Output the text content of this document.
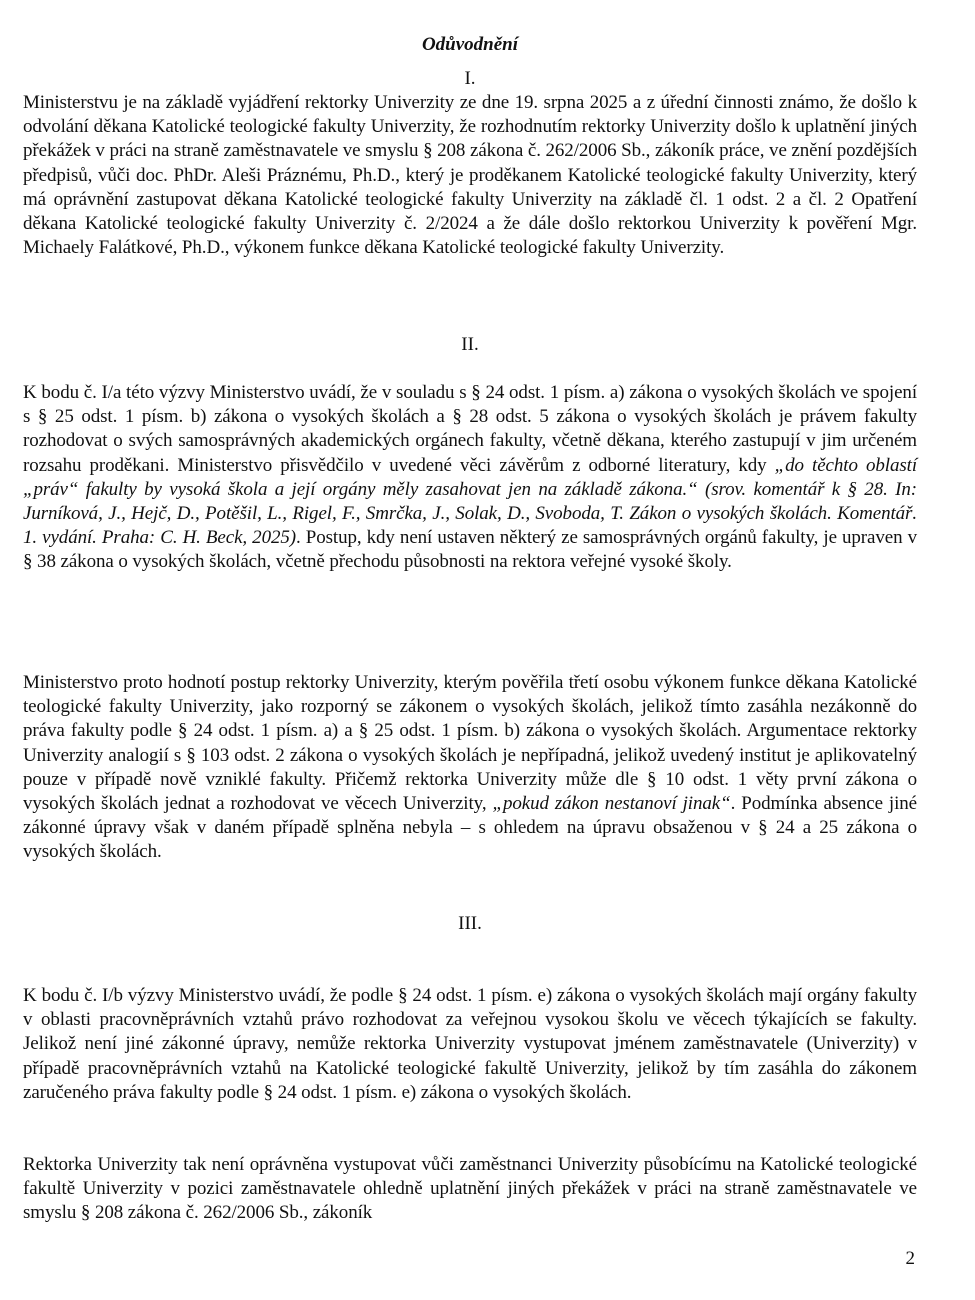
Odůvodnění
I.
Ministerstvu je na základě vyjádření rektorky Univerzity ze dne 19. srpna 2025 a z úřední činnosti známo, že došlo k odvolání děkana Katolické teologické fakulty Univerzity, že rozhodnutím rektorky Univerzity došlo k uplatnění jiných překážek v práci na straně zaměstnavatele ve smyslu § 208 zákona č. 262/2006 Sb., zákoník práce, ve znění pozdějších předpisů, vůči doc. PhDr. Aleši Práznému, Ph.D., který je proděkanem Katolické teologické fakulty Univerzity, který má oprávnění zastupovat děkana Katolické teologické fakulty Univerzity na základě čl. 1 odst. 2 a čl. 2 Opatření děkana Katolické teologické fakulty Univerzity č. 2/2024 a že dále došlo rektorkou Univerzity k pověření Mgr. Michaely Falátkové, Ph.D., výkonem funkce děkana Katolické teologické fakulty Univerzity.
II.
K bodu č. I/a této výzvy Ministerstvo uvádí, že v souladu s § 24 odst. 1 písm. a) zákona o vysokých školách ve spojení s § 25 odst. 1 písm. b) zákona o vysokých školách a § 28 odst. 5 zákona o vysokých školách je právem fakulty rozhodovat o svých samosprávných akademických orgánech fakulty, včetně děkana, kterého zastupují v jim určeném rozsahu proděkani. Ministerstvo přisvědčilo v uvedené věci závěrům z odborné literatury, kdy „do těchto oblastí „práv“ fakulty by vysoká škola a její orgány měly zasahovat jen na základě zákona.“ (srov. komentář k § 28. In: Jurníková, J., Hejč, D., Potěšil, L., Rigel, F., Smrčka, J., Solak, D., Svoboda, T. Zákon o vysokých školách. Komentář. 1. vydání. Praha: C. H. Beck, 2025). Postup, kdy není ustaven některý ze samosprávných orgánů fakulty, je upraven v § 38 zákona o vysokých školách, včetně přechodu působnosti na rektora veřejné vysoké školy.
Ministerstvo proto hodnotí postup rektorky Univerzity, kterým pověřila třetí osobu výkonem funkce děkana Katolické teologické fakulty Univerzity, jako rozporný se zákonem o vysokých školách, jelikož tímto zasáhla nezákonně do práva fakulty podle § 24 odst. 1 písm. a) a § 25 odst. 1 písm. b) zákona o vysokých školách. Argumentace rektorky Univerzity analogií s § 103 odst. 2 zákona o vysokých školách je nepřípadná, jelikož uvedený institut je aplikovatelný pouze v případě nově vzniklé fakulty. Přičemž rektorka Univerzity může dle § 10 odst. 1 věty první zákona o vysokých školách jednat a rozhodovat ve věcech Univerzity, „pokud zákon nestanoví jinak“. Podmínka absence jiné zákonné úpravy však v daném případě splněna nebyla – s ohledem na úpravu obsaženou v § 24 a 25 zákona o vysokých školách.
III.
K bodu č. I/b výzvy Ministerstvo uvádí, že podle § 24 odst. 1 písm. e) zákona o vysokých školách mají orgány fakulty v oblasti pracovněprávních vztahů právo rozhodovat za veřejnou vysokou školu ve věcech týkajících se fakulty. Jelikož není jiné zákonné úpravy, nemůže rektorka Univerzity vystupovat jménem zaměstnavatele (Univerzity) v případě pracovněprávních vztahů na Katolické teologické fakultě Univerzity, jelikož by tím zasáhla do zákonem zaručeného práva fakulty podle § 24 odst. 1 písm. e) zákona o vysokých školách.
Rektorka Univerzity tak není oprávněna vystupovat vůči zaměstnanci Univerzity působícímu na Katolické teologické fakultě Univerzity v pozici zaměstnavatele ohledně uplatnění jiných překážek v práci na straně zaměstnavatele ve smyslu § 208 zákona č. 262/2006 Sb., zákoník
2
